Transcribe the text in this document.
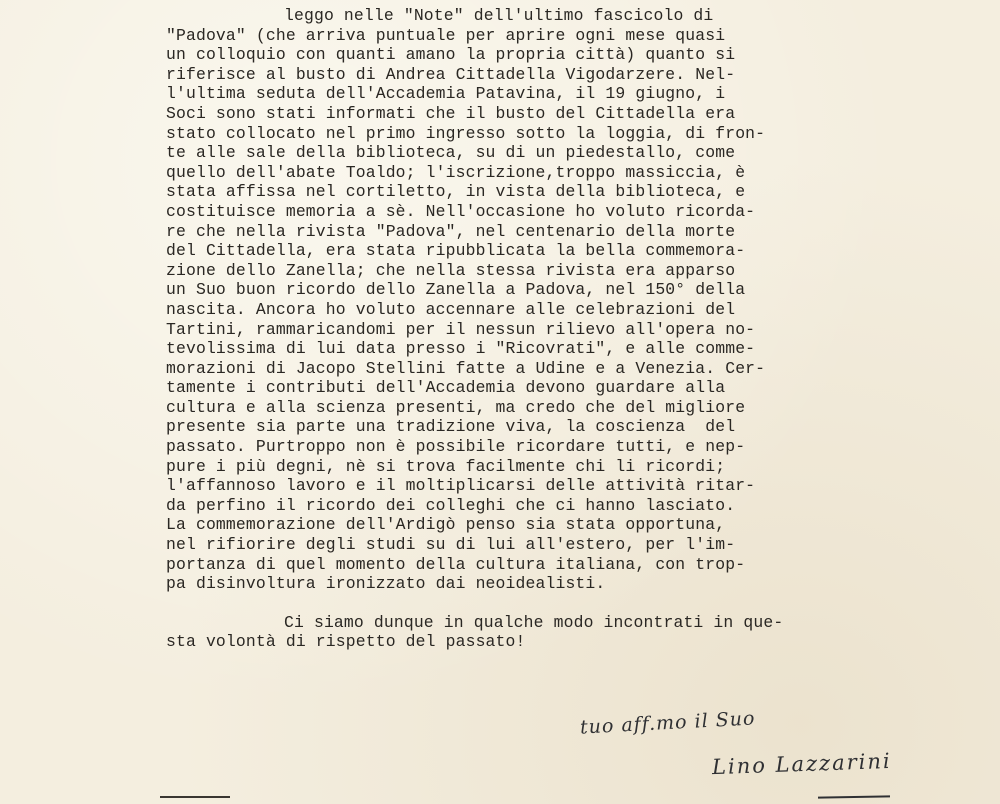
leggo nelle "Note" dell'ultimo fascicolo di
"Padova" (che arriva puntuale per aprire ogni mese quasi
un colloquio con quanti amano la propria città) quanto si
riferisce al busto di Andrea Cittadella Vigodarzere. Nel-
l'ultima seduta dell'Accademia Patavina, il 19 giugno, i
Soci sono stati informati che il busto del Cittadella era
stato collocato nel primo ingresso sotto la loggia, di fron-
te alle sale della biblioteca, su di un piedestallo, come
quello dell'abate Toaldo; l'iscrizione,troppo massiccia, è
stata affissa nel cortiletto, in vista della biblioteca, e
costituisce memoria a sè. Nell'occasione ho voluto ricorda-
re che nella rivista "Padova", nel centenario della morte
del Cittadella, era stata ripubblicata la bella commemora-
zione dello Zanella; che nella stessa rivista era apparso
un Suo buon ricordo dello Zanella a Padova, nel 150° della
nascita. Ancora ho voluto accennare alle celebrazioni del
Tartini, rammaricandomi per il nessun rilievo all'opera no-
tevolissima di lui data presso i "Ricovrati", e alle comme-
morazioni di Jacopo Stellini fatte a Udine e a Venezia. Cer-
tamente i contributi dell'Accademia devono guardare alla
cultura e alla scienza presenti, ma credo che del migliore
presente sia parte una tradizione viva, la coscienza  del
passato. Purtroppo non è possibile ricordare tutti, e nep-
pure i più degni, nè si trova facilmente chi li ricordi;
l'affannoso lavoro e il moltiplicarsi delle attività ritar-
da perfino il ricordo dei colleghi che ci hanno lasciato.
La commemorazione dell'Ardigò penso sia stata opportuna,
nel rifiorire degli studi su di lui all'estero, per l'im-
portanza di quel momento della cultura italiana, con trop-
pa disinvoltura ironizzato dai neoidealisti.
Ci siamo dunque in qualche modo incontrati in que-
sta volontà di rispetto del passato!
tuo aff.mo il Suo
Lino Lazzarini
